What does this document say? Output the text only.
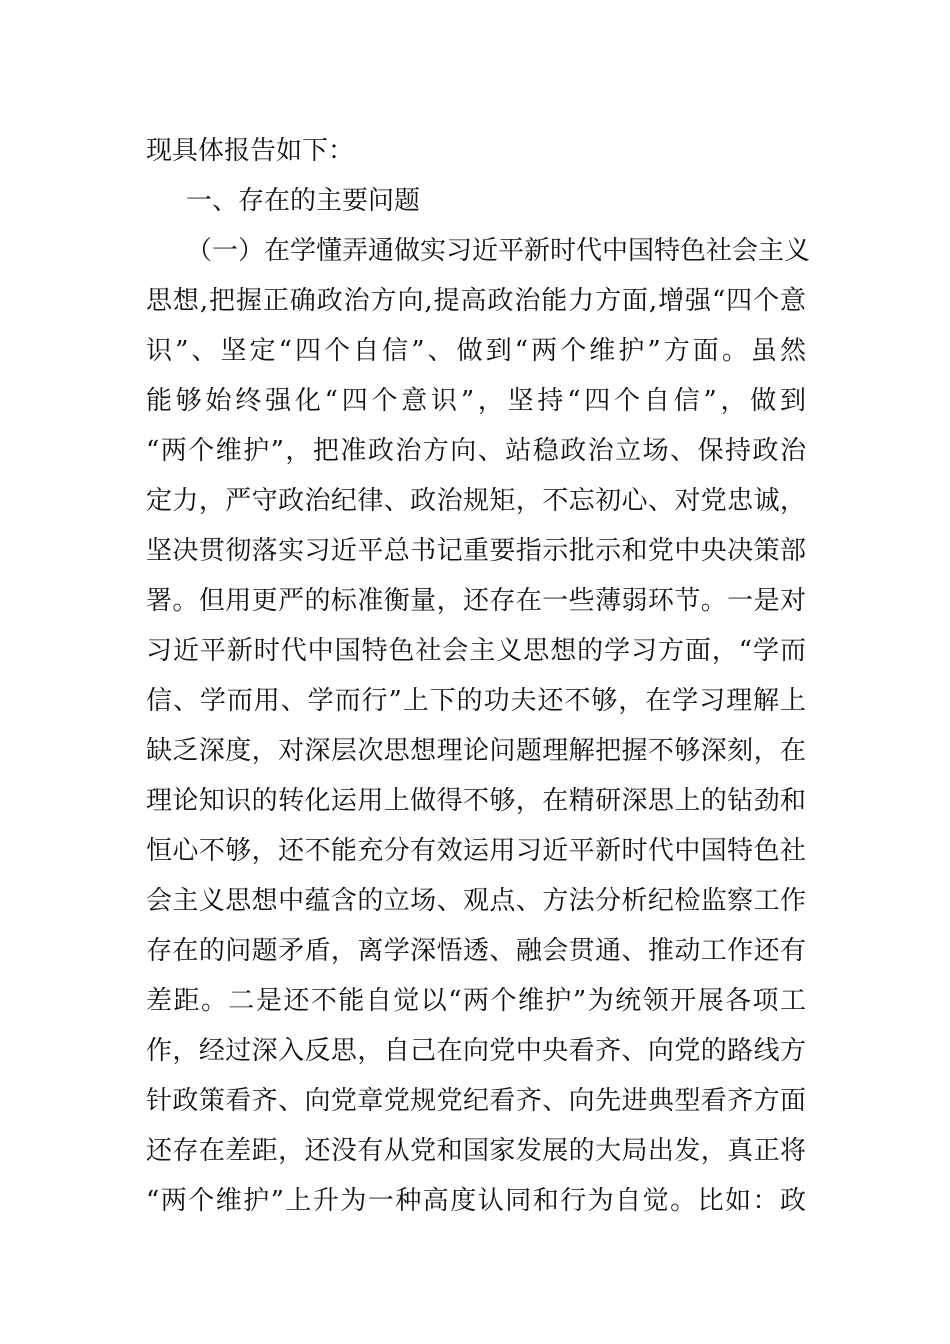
现具体报告如下：

一、存在的主要问题

（一）在学懂弄通做实习近平新时代中国特色社会主义
思想,把握正确政治方向,提高政治能力方面,增强“四个意
识”、坚定“四个自信”、做到“两个维护”方面。虽然
能够始终强化“四个意识”，坚持“四个自信”，做到
“两个维护”，把准政治方向、站稳政治立场、保持政治
定力，严守政治纪律、政治规矩，不忘初心、对党忠诚，
坚决贯彻落实习近平总书记重要指示批示和党中央决策部
署。但用更严的标准衡量，还存在一些薄弱环节。一是对
习近平新时代中国特色社会主义思想的学习方面，“学而
信、学而用、学而行”上下的功夫还不够，在学习理解上
缺乏深度，对深层次思想理论问题理解把握不够深刻，在
理论知识的转化运用上做得不够，在精研深思上的钻劲和
恒心不够，还不能充分有效运用习近平新时代中国特色社
会主义思想中蕴含的立场、观点、方法分析纪检监察工作
存在的问题矛盾，离学深悟透、融会贯通、推动工作还有
差距。二是还不能自觉以“两个维护”为统领开展各项工
作，经过深入反思，自己在向党中央看齐、向党的路线方
针政策看齐、向党章党规党纪看齐、向先进典型看齐方面
还存在差距，还没有从党和国家发展的大局出发，真正将
“两个维护”上升为一种高度认同和行为自觉。比如：政
